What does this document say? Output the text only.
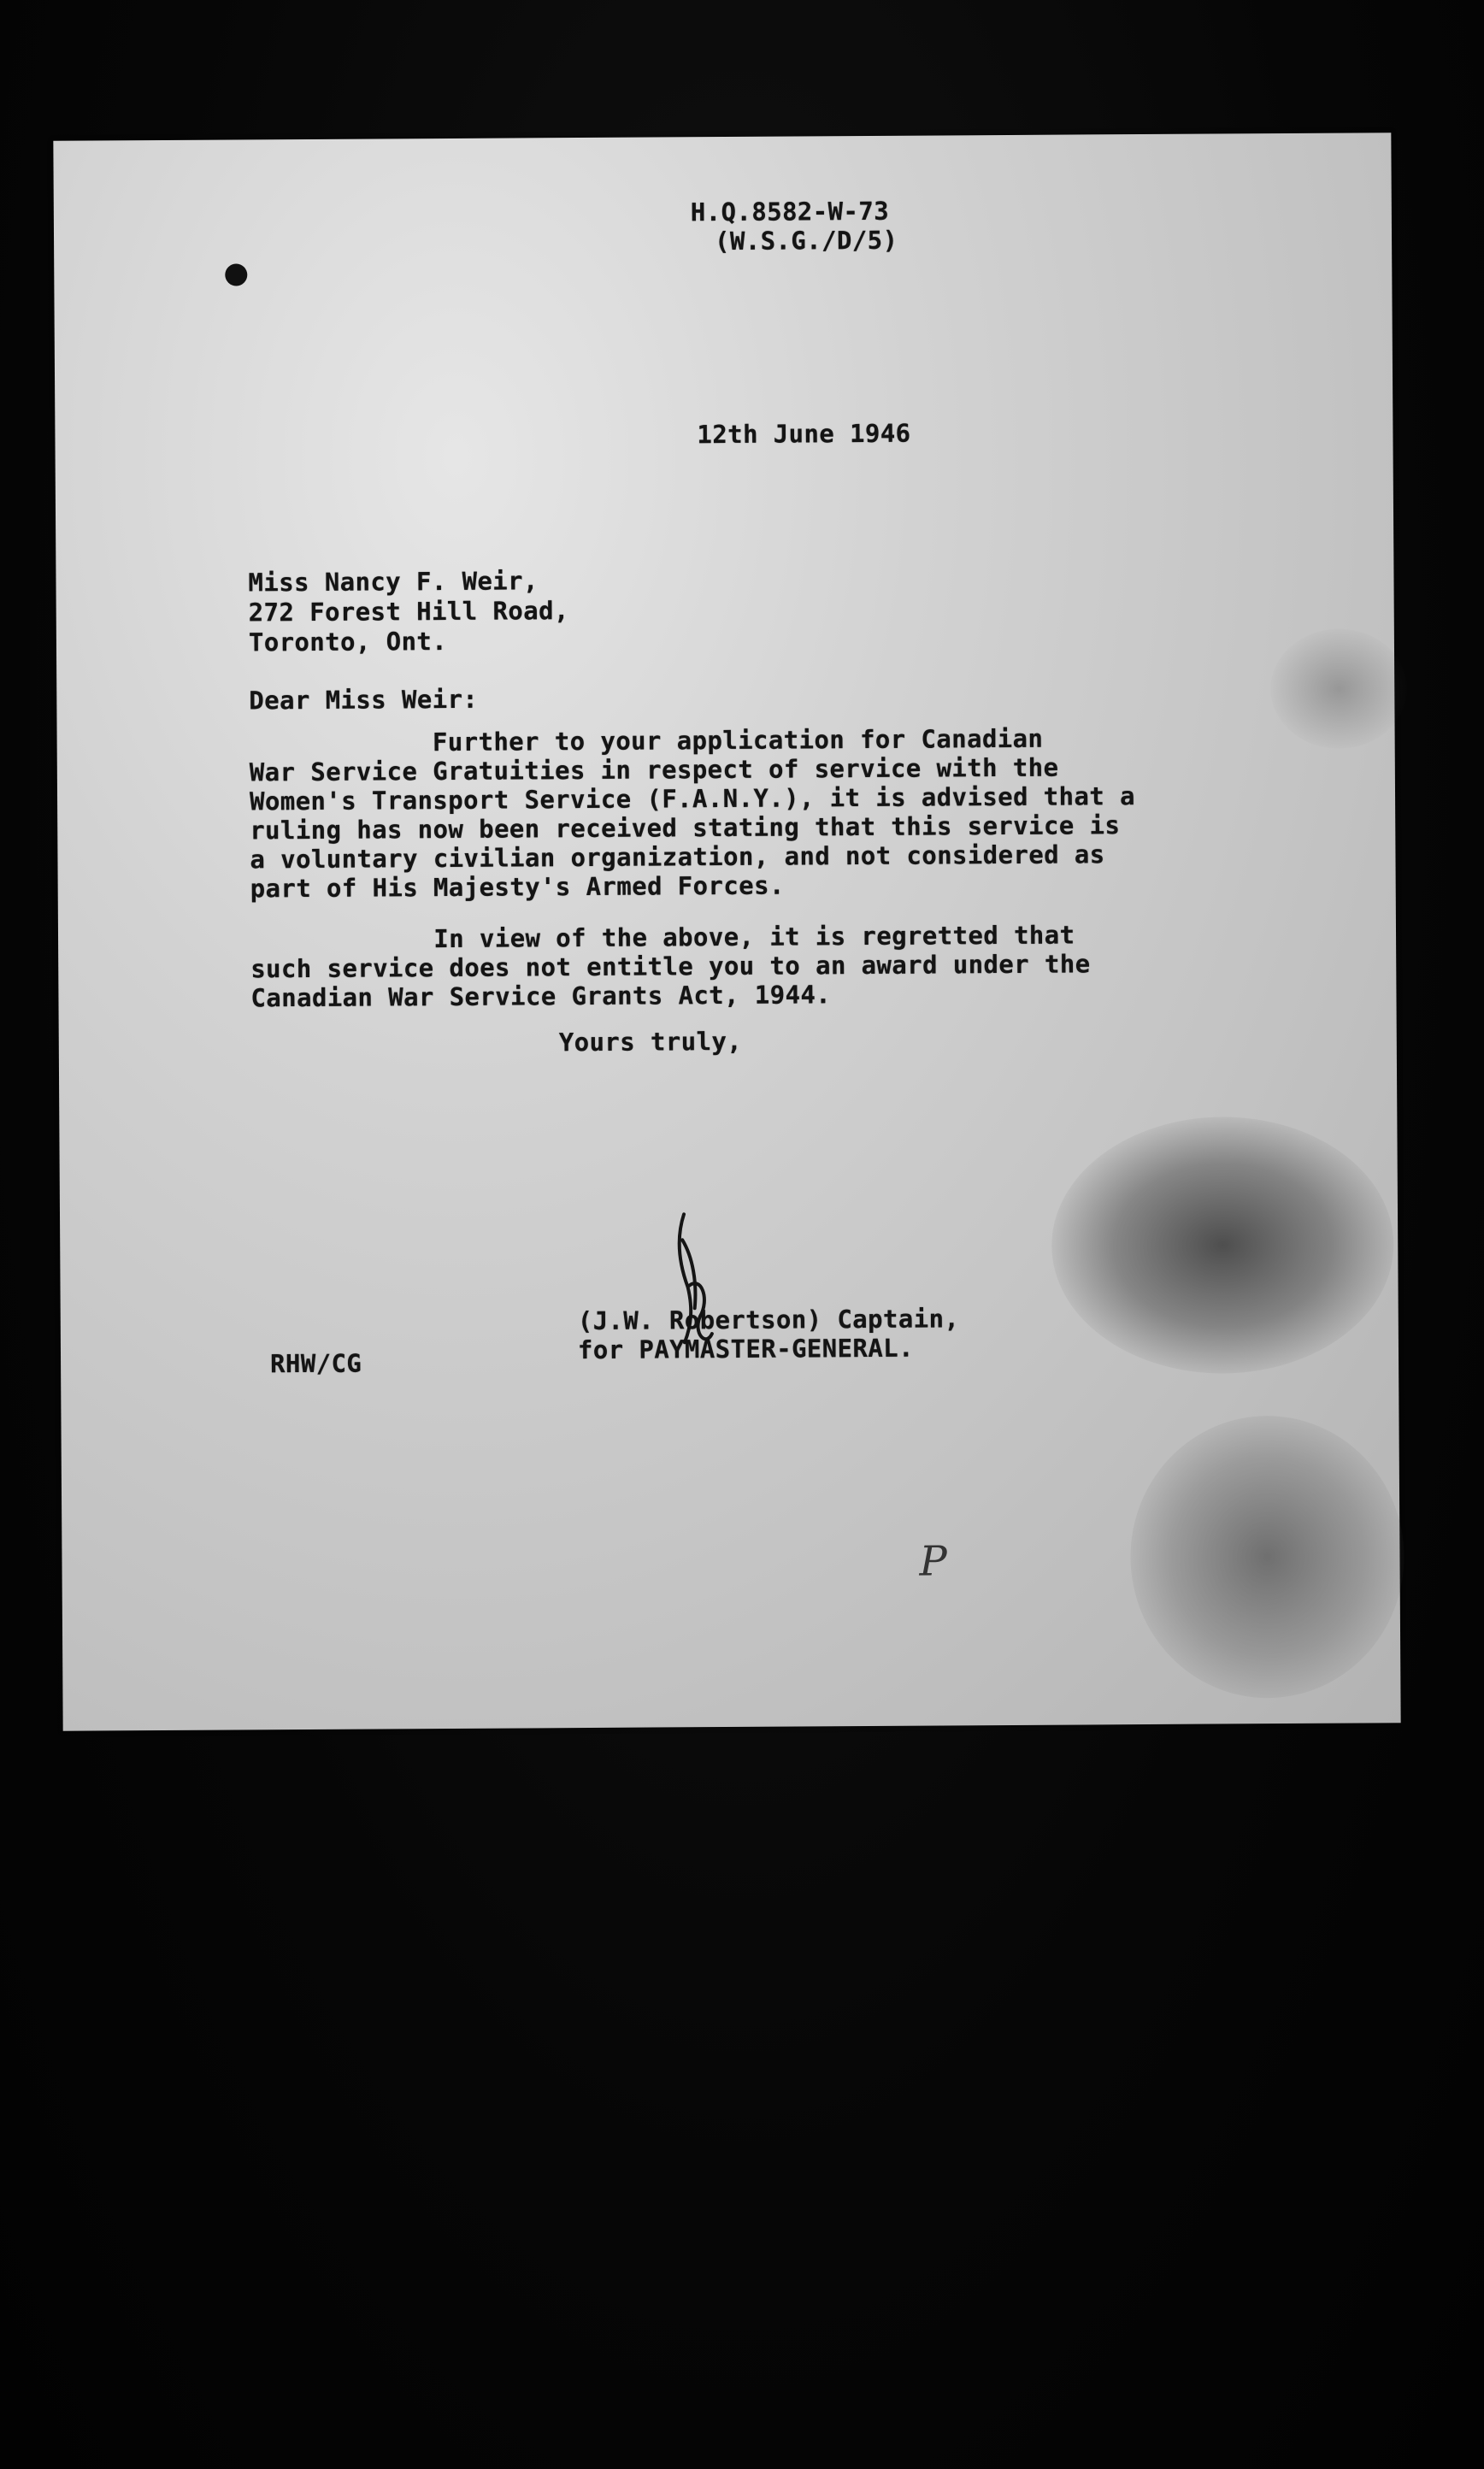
H.Q.8582-W-73
(W.S.G./D/5)
12th June 1946
Miss Nancy F. Weir,
272 Forest Hill Road,
Toronto, Ont.
Dear Miss Weir:
Further to your application for Canadian
War Service Gratuities in respect of service with the
Women's Transport Service (F.A.N.Y.), it is advised that a
ruling has now been received stating that this service is
a voluntary civilian organization, and not considered as
part of His Majesty's Armed Forces.
In view of the above, it is regretted that
such service does not entitle you to an award under the
Canadian War Service Grants Act, 1944.
Yours truly,
(J.W. Robertson) Captain,
for PAYMASTER-GENERAL.
RHW/CG
P
